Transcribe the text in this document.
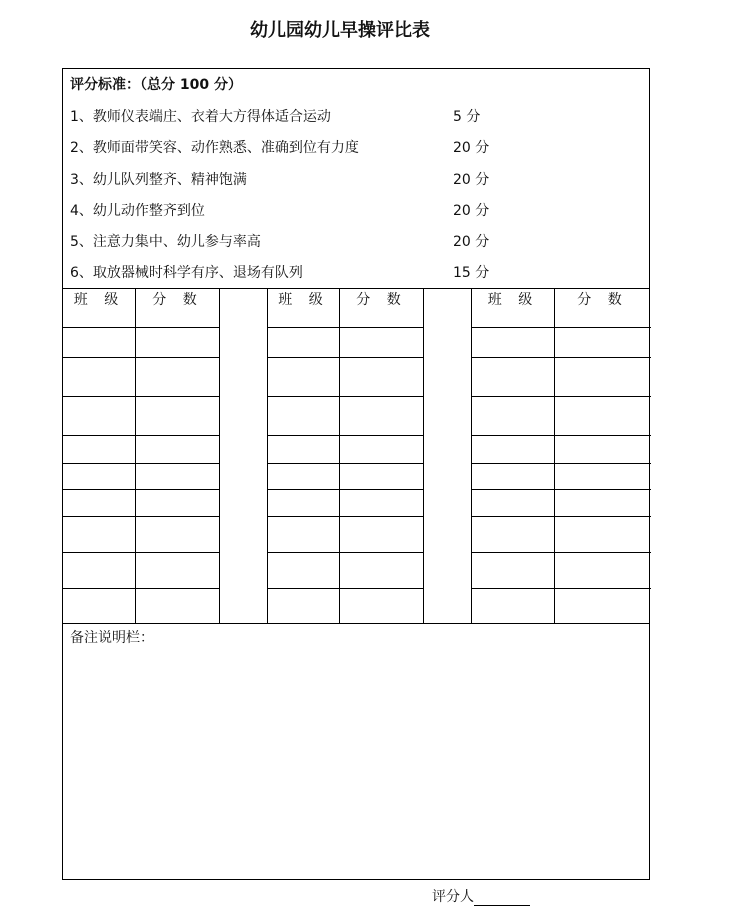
幼儿园幼儿早操评比表
评分标准：（总分 100 分）
1、教师仪表端庄、衣着大方得体适合运动	5 分
2、教师面带笑容、动作熟悉、准确到位有力度	20 分
3、幼儿队列整齐、精神饱满	20 分
4、幼儿动作整齐到位	20 分
5、注意力集中、幼儿参与率高	20 分
6、取放器械时科学有序、退场有队列	15 分
班 级	分 数	班 级	分 数	班 级	分 数
备注说明栏：
评分人
